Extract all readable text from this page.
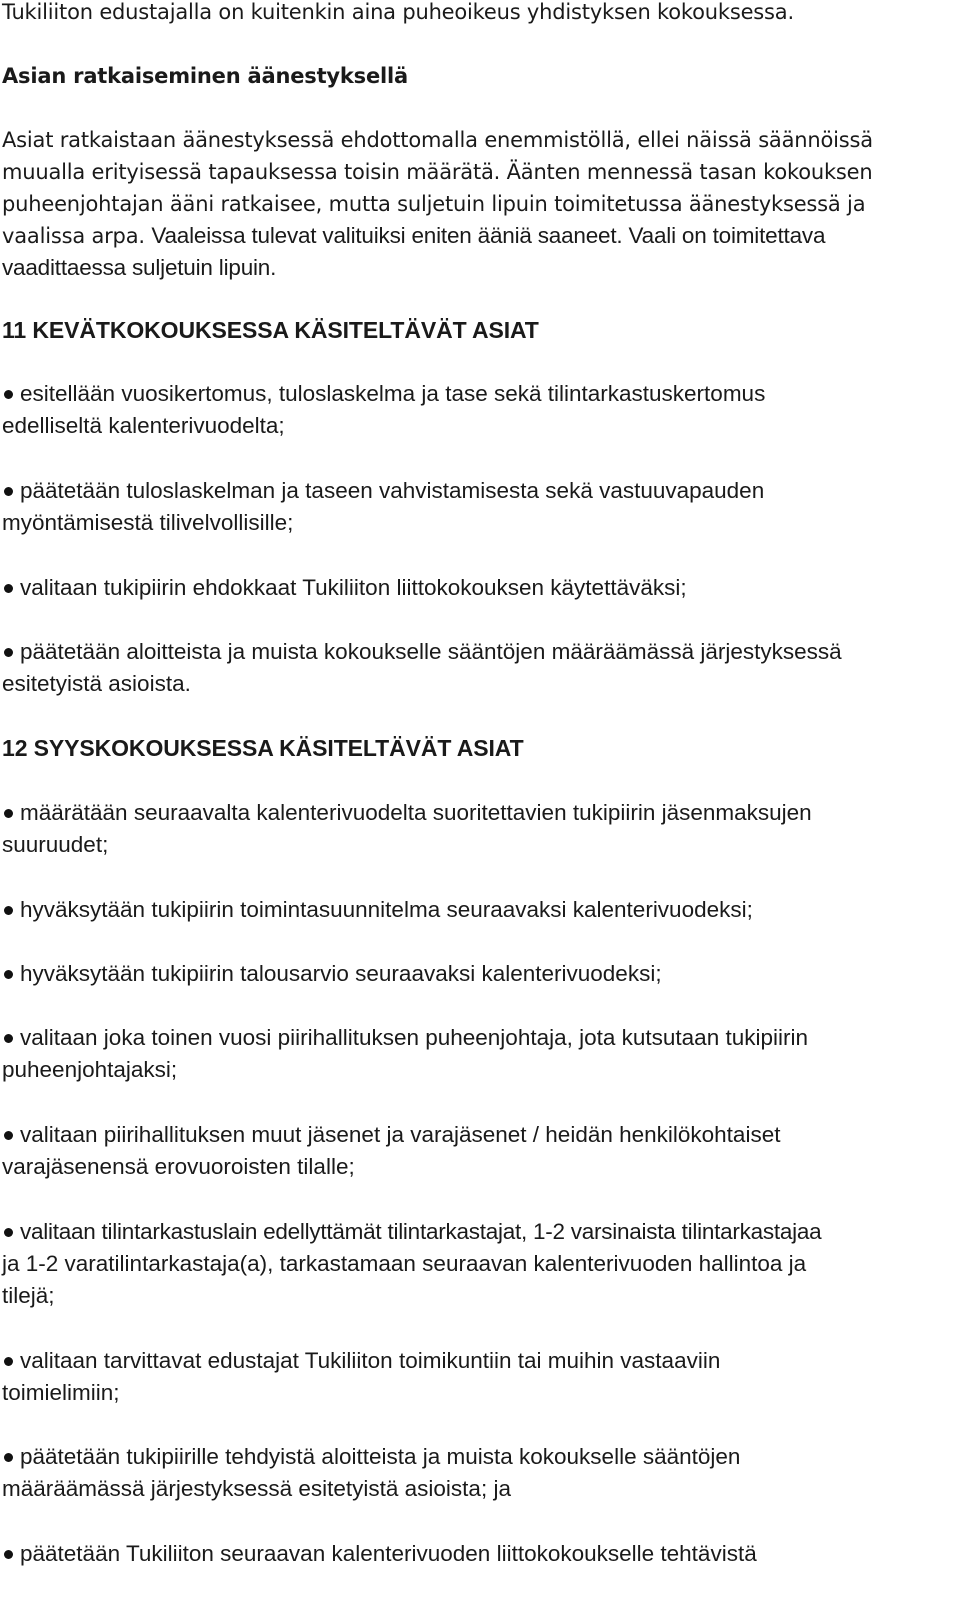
Tukiliiton edustajalla on kuitenkin aina puheoikeus yhdistyksen kokouksessa.

Asian ratkaiseminen äänestyksellä

Asiat ratkaistaan äänestyksessä ehdottomalla enemmistöllä, ellei näissä säännöissä
muualla erityisessä tapauksessa toisin määrätä. Äänten mennessä tasan kokouksen
puheenjohtajan ääni ratkaisee, mutta suljetuin lipuin toimitetussa äänestyksessä ja
vaalissa arpa. Vaaleissa tulevat valituiksi eniten ääniä saaneet. Vaali on toimitettava
vaadittaessa suljetuin lipuin.

11 KEVÄTKOKOUKSESSA KÄSITELTÄVÄT ASIAT
esitellään vuosikertomus, tuloslaskelma ja tase sekä tilintarkastuskertomus
edelliseltä kalenterivuodelta;
päätetään tuloslaskelman ja taseen vahvistamisesta sekä vastuuvapauden
myöntämisestä tilivelvollisille;
valitaan tukipiirin ehdokkaat Tukiliiton liittokokouksen käytettäväksi;
päätetään aloitteista ja muista kokoukselle sääntöjen määräämässä järjestyksessä
esitetyistä asioista.
12 SYYSKOKOUKSESSA KÄSITELTÄVÄT ASIAT
määrätään seuraavalta kalenterivuodelta suoritettavien tukipiirin jäsenmaksujen
suuruudet;
hyväksytään tukipiirin toimintasuunnitelma seuraavaksi kalenterivuodeksi;
hyväksytään tukipiirin talousarvio seuraavaksi kalenterivuodeksi;
valitaan joka toinen vuosi piirihallituksen puheenjohtaja, jota kutsutaan tukipiirin
puheenjohtajaksi;
valitaan piirihallituksen muut jäsenet ja varajäsenet / heidän henkilökohtaiset
varajäsenensä erovuoroisten tilalle;
valitaan tilintarkastuslain edellyttämät tilintarkastajat, 1-2 varsinaista tilintarkastajaa
ja 1-2 varatilintarkastaja(a), tarkastamaan seuraavan kalenterivuoden hallintoa ja
tilejä;
valitaan tarvittavat edustajat Tukiliiton toimikuntiin tai muihin vastaaviin
toimielimiin;
päätetään tukipiirille tehdyistä aloitteista ja muista kokoukselle sääntöjen
määräämässä järjestyksessä esitetyistä asioista; ja
päätetään Tukiliiton seuraavan kalenterivuoden liittokokoukselle tehtävistä
